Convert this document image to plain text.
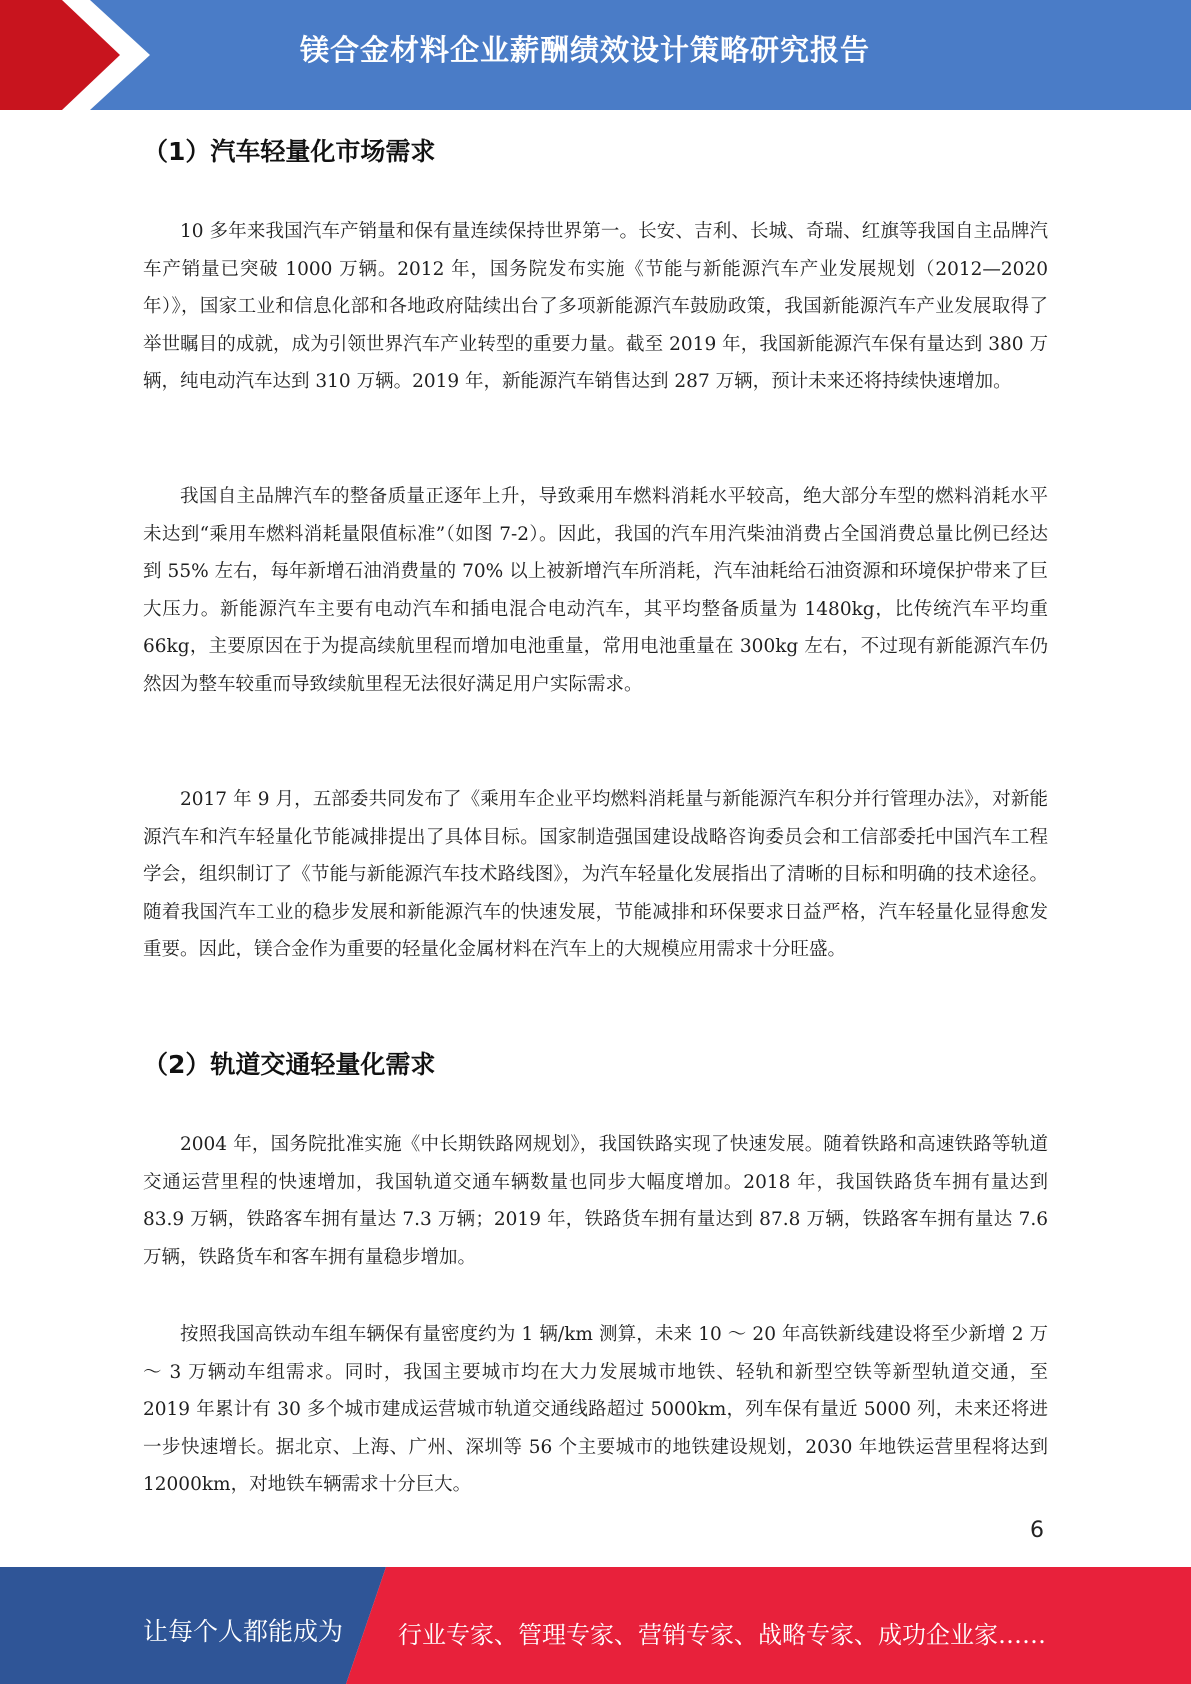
镁合金材料企业薪酬绩效设计策略研究报告
（1）汽车轻量化市场需求

10 多年来我国汽车产销量和保有量连续保持世界第一。长安、吉利、长城、奇瑞、红旗等我国自主品牌汽车产销量已突破 1000 万辆。2012 年，国务院发布实施《节能与新能源汽车产业发展规划（2012—2020 年）》，国家工业和信息化部和各地政府陆续出台了多项新能源汽车鼓励政策，我国新能源汽车产业发展取得了举世瞩目的成就，成为引领世界汽车产业转型的重要力量。截至 2019 年，我国新能源汽车保有量达到 380 万辆，纯电动汽车达到 310 万辆。2019 年，新能源汽车销售达到 287 万辆，预计未来还将持续快速增加。

我国自主品牌汽车的整备质量正逐年上升，导致乘用车燃料消耗水平较高，绝大部分车型的燃料消耗水平未达到“乘用车燃料消耗量限值标准”（如图 7-2）。因此，我国的汽车用汽柴油消费占全国消费总量比例已经达到 55% 左右，每年新增石油消费量的 70% 以上被新增汽车所消耗，汽车油耗给石油资源和环境保护带来了巨大压力。新能源汽车主要有电动汽车和插电混合电动汽车，其平均整备质量为 1480kg，比传统汽车平均重 66kg，主要原因在于为提高续航里程而增加电池重量，常用电池重量在 300kg 左右，不过现有新能源汽车仍然因为整车较重而导致续航里程无法很好满足用户实际需求。

2017 年 9 月，五部委共同发布了《乘用车企业平均燃料消耗量与新能源汽车积分并行管理办法》，对新能源汽车和汽车轻量化节能减排提出了具体目标。国家制造强国建设战略咨询委员会和工信部委托中国汽车工程学会，组织制订了《节能与新能源汽车技术路线图》，为汽车轻量化发展指出了清晰的目标和明确的技术途径。随着我国汽车工业的稳步发展和新能源汽车的快速发展，节能减排和环保要求日益严格，汽车轻量化显得愈发重要。因此，镁合金作为重要的轻量化金属材料在汽车上的大规模应用需求十分旺盛。

（2）轨道交通轻量化需求

2004 年，国务院批准实施《中长期铁路网规划》，我国铁路实现了快速发展。随着铁路和高速铁路等轨道交通运营里程的快速增加，我国轨道交通车辆数量也同步大幅度增加。2018 年，我国铁路货车拥有量达到 83.9 万辆，铁路客车拥有量达 7.3 万辆；2019 年，铁路货车拥有量达到 87.8 万辆，铁路客车拥有量达 7.6 万辆，铁路货车和客车拥有量稳步增加。

按照我国高铁动车组车辆保有量密度约为 1 辆/km 测算，未来 10 ～ 20 年高铁新线建设将至少新增 2 万～ 3 万辆动车组需求。同时，我国主要城市均在大力发展城市地铁、轻轨和新型空铁等新型轨道交通，至 2019 年累计有 30 多个城市建成运营城市轨道交通线路超过 5000km，列车保有量近 5000 列，未来还将进一步快速增长。据北京、上海、广州、深圳等 56 个主要城市的地铁建设规划，2030 年地铁运营里程将达到 12000km，对地铁车辆需求十分巨大。

6
让每个人都能成为 行业专家、管理专家、营销专家、战略专家、成功企业家……
